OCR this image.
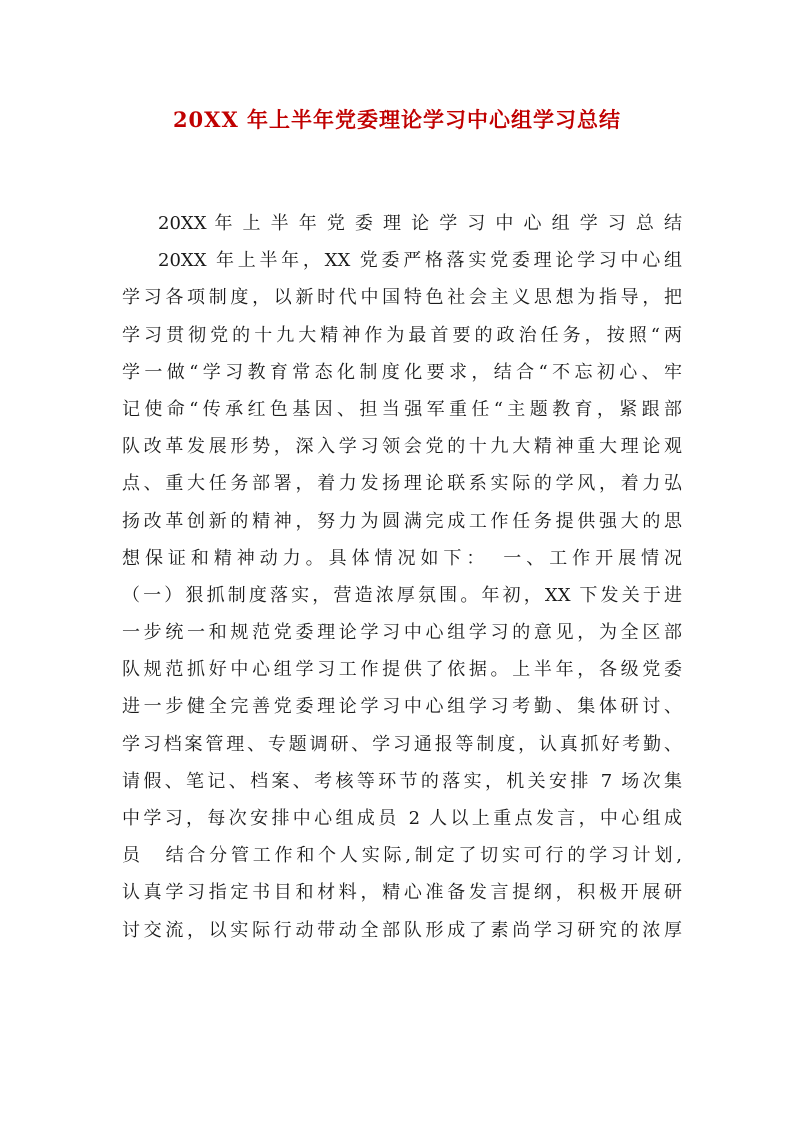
20XX 年上半年党委理论学习中心组学习总结
20XX 年 上 半 年 党 委 理 论 学 习 中 心 组 学 习 总 结
20XX 年上半年，XX 党委严格落实党委理论学习中心组
学习各项制度，以新时代中国特色社会主义思想为指导，把
学习贯彻党的十九大精神作为最首要的政治任务，按照“两
学一做“学习教育常态化制度化要求，结合“不忘初心、牢
记使命“传承红色基因、担当强军重任“主题教育，紧跟部
队改革发展形势，深入学习领会党的十九大精神重大理论观
点、重大任务部署，着力发扬理论联系实际的学风，着力弘
扬改革创新的精神，努力为圆满完成工作任务提供强大的思
想保证和精神动力。具体情况如下：　一、工作开展情况
（一）狠抓制度落实，营造浓厚氛围。年初，XX 下发关于进
一步统一和规范党委理论学习中心组学习的意见，为全区部
队规范抓好中心组学习工作提供了依据。上半年，各级党委
进一步健全完善党委理论学习中心组学习考勤、集体研讨、
学习档案管理、专题调研、学习通报等制度，认真抓好考勤、
请假、笔记、档案、考核等环节的落实，机关安排 7 场次集
中学习，每次安排中心组成员 2 人以上重点发言，中心组成
员　结合分管工作和个人实际,制定了切实可行的学习计划,
认真学习指定书目和材料，精心准备发言提纲，积极开展研
讨交流，以实际行动带动全部队形成了素尚学习研究的浓厚
